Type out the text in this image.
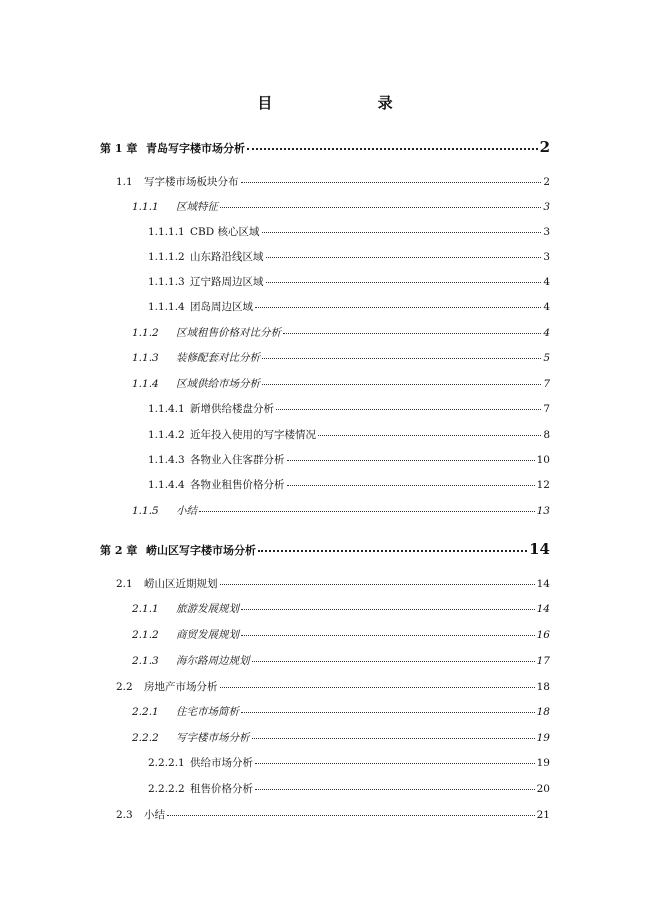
目 录
第 1 章 青岛写字楼市场分析	2
1.1	写字楼市场板块分布	2
1.1.1	区域特征	3
1.1.1.1 CBD 核心区域	3
1.1.1.2 山东路沿线区域	3
1.1.1.3 辽宁路周边区域	4
1.1.1.4 团岛周边区域	4
1.1.2	区域租售价格对比分析	4
1.1.3	装修配套对比分析	5
1.1.4	区域供给市场分析	7
1.1.4.1 新增供给楼盘分析	7
1.1.4.2 近年投入使用的写字楼情况	8
1.1.4.3 各物业入住客群分析	10
1.1.4.4 各物业租售价格分析	12
1.1.5	小结	13
第 2 章 崂山区写字楼市场分析	14
2.1	崂山区近期规划	14
2.1.1	旅游发展规划	14
2.1.2	商贸发展规划	16
2.1.3	海尔路周边规划	17
2.2	房地产市场分析	18
2.2.1	住宅市场简析	18
2.2.2	写字楼市场分析	19
2.2.2.1 供给市场分析	19
2.2.2.2 租售价格分析	20
2.3	小结	21
